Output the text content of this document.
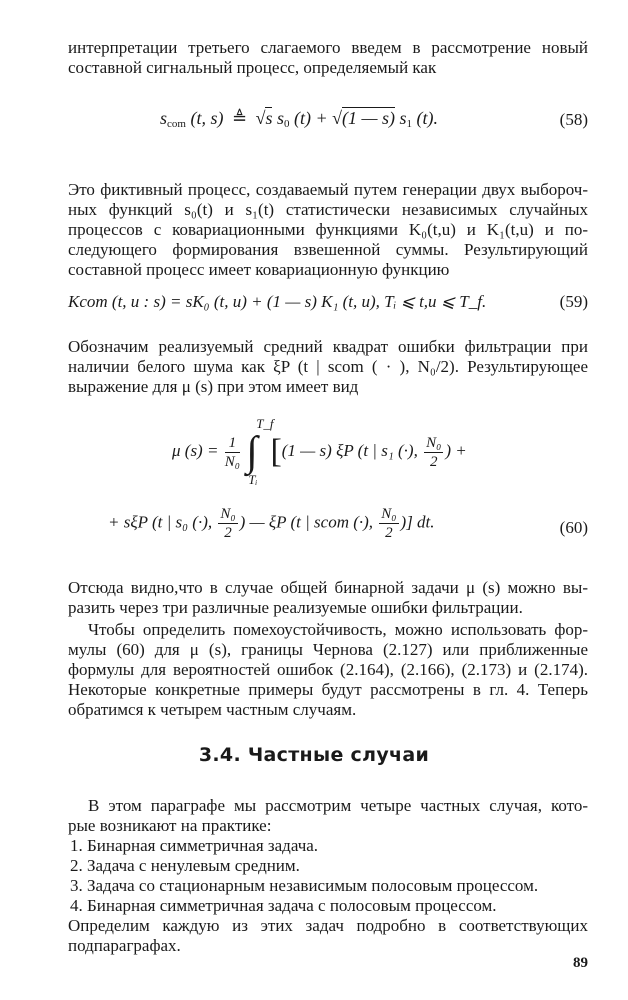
интерпретации третьего слагаемого введем в рассмотрение новый
составной сигнальный процесс, определяемый как
$s_{com}$ (t, s) ≜ √s $s_0$ (t) + √(1 — s) $s_1$ (t).	(58)
Это фиктивный процесс, создаваемый путем генерации двух выбороч-
ных функций s₀(t) и s₁(t) статистически независимых случайных
процессов с ковариационными функциями K₀(t,u) и K₁(t,u) и по-
следующего формирования взвешенной суммы. Результирующий
составной процесс имеет ковариационную функцию
Kcom (t, u : s) = sK₀ (t, u) + (1 — s) K₁ (t, u), Tᵢ ⩽ t,u ⩽ T_f.	(59)
Обозначим реализуемый средний квадрат ошибки фильтрации при
наличии белого шума как ξP (t | scom ( · ), N₀/2). Результирующее
выражение для μ (s) при этом имеет вид
μ $(s) = \frac{1}{\text{N₀}}$ ∫
T_f
Tᵢ
[(1 — s) ξP (t | s₁ (·), $\frac{\text{N₀}}{2}$ ) +
+ sξP (t | s₀ (·), $\frac{\text{N₀}}{2}$ ) — ξP (t | scom (·), $\frac{\text{N₀}}{2}$ )] dt.	(60)
Отсюда видно,что в случае общей бинарной задачи μ (s) можно вы-
разить через три различные реализуемые ошибки фильтрации.
Чтобы определить помехоустойчивость, можно использовать фор-
мулы (60) для μ (s), границы Чернова (2.127) или приближенные
формулы для вероятностей ошибок (2.164), (2.166), (2.173) и (2.174).
Некоторые конкретные примеры будут рассмотрены в гл. 4. Теперь
обратимся к четырем частным случаям.
3.4. Частные случаи
В этом параграфе мы рассмотрим четыре частных случая, кото-
рые возникают на практике:
1. Бинарная симметричная задача.
2. Задача с ненулевым средним.
3. Задача со стационарным независимым полосовым процессом.
4. Бинарная симметричная задача с полосовым процессом.
Определим каждую из этих задач подробно в соответствующих
подпараграфах.
89
